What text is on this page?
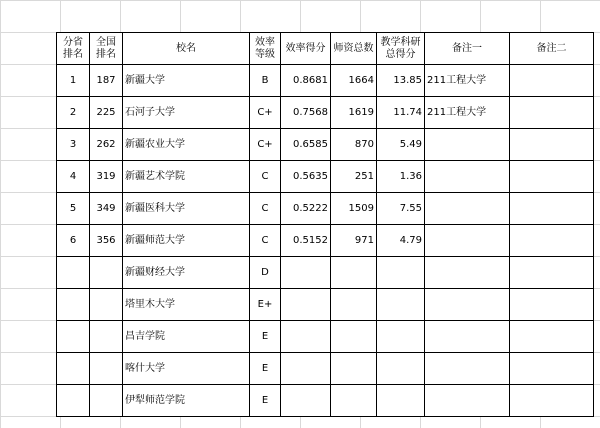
分省排名	全国排名	校名	效率等级	效率得分	师资总数	教学科研总得分	备注一	备注二
1	187	新疆大学	B	0.8681	1664	13.85	211工程大学	
2	225	石河子大学	C+	0.7568	1619	11.74	211工程大学	
3	262	新疆农业大学	C+	0.6585	870	5.49		
4	319	新疆艺术学院	C	0.5635	251	1.36		
5	349	新疆医科大学	C	0.5222	1509	7.55		
6	356	新疆师范大学	C	0.5152	971	4.79		
		新疆财经大学	D					
		塔里木大学	E+					
		昌吉学院	E					
		喀什大学	E					
		伊犁师范学院	E					
